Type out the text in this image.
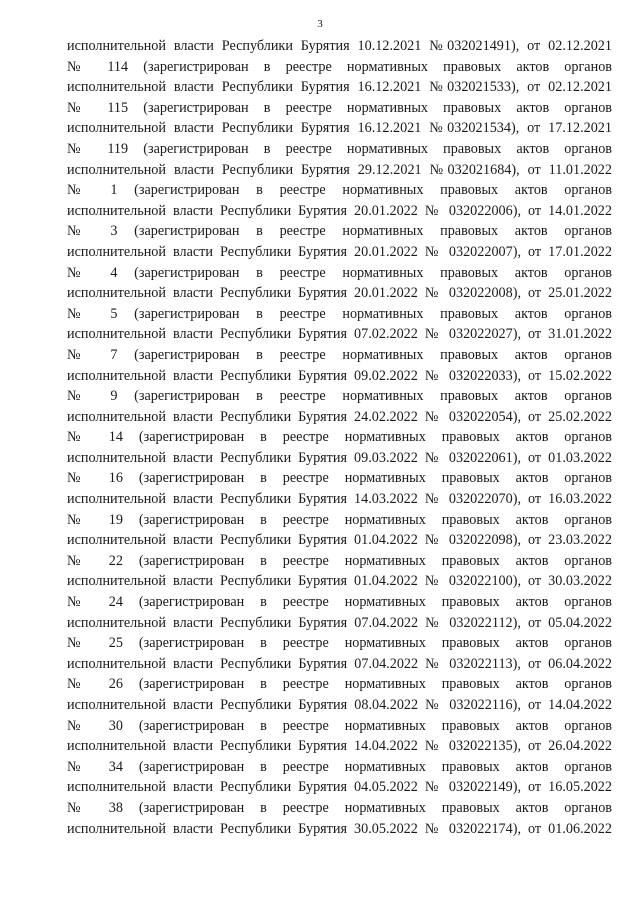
3
исполнительной власти Республики Бурятия 10.12.2021 №032021491), от 02.12.2021
№ 114 (зарегистрирован в реестре нормативных правовых актов органов
исполнительной власти Республики Бурятия 16.12.2021 №032021533), от 02.12.2021
№ 115 (зарегистрирован в реестре нормативных правовых актов органов
исполнительной власти Республики Бурятия 16.12.2021 №032021534), от 17.12.2021
№ 119 (зарегистрирован в реестре нормативных правовых актов органов
исполнительной власти Республики Бурятия 29.12.2021 №032021684), от 11.01.2022
№ 1 (зарегистрирован в реестре нормативных правовых актов органов
исполнительной власти Республики Бурятия 20.01.2022 № 032022006), от 14.01.2022
№ 3 (зарегистрирован в реестре нормативных правовых актов органов
исполнительной власти Республики Бурятия 20.01.2022 № 032022007), от 17.01.2022
№ 4 (зарегистрирован в реестре нормативных правовых актов органов
исполнительной власти Республики Бурятия 20.01.2022 № 032022008), от 25.01.2022
№ 5 (зарегистрирован в реестре нормативных правовых актов органов
исполнительной власти Республики Бурятия 07.02.2022 № 032022027), от 31.01.2022
№ 7 (зарегистрирован в реестре нормативных правовых актов органов
исполнительной власти Республики Бурятия 09.02.2022 № 032022033), от 15.02.2022
№ 9 (зарегистрирован в реестре нормативных правовых актов органов
исполнительной власти Республики Бурятия 24.02.2022 № 032022054), от 25.02.2022
№ 14 (зарегистрирован в реестре нормативных правовых актов органов
исполнительной власти Республики Бурятия 09.03.2022 № 032022061), от 01.03.2022
№ 16 (зарегистрирован в реестре нормативных правовых актов органов
исполнительной власти Республики Бурятия 14.03.2022 № 032022070), от 16.03.2022
№ 19 (зарегистрирован в реестре нормативных правовых актов органов
исполнительной власти Республики Бурятия 01.04.2022 № 032022098), от 23.03.2022
№ 22 (зарегистрирован в реестре нормативных правовых актов органов
исполнительной власти Республики Бурятия 01.04.2022 № 032022100), от 30.03.2022
№ 24 (зарегистрирован в реестре нормативных правовых актов органов
исполнительной власти Республики Бурятия 07.04.2022 № 032022112), от 05.04.2022
№ 25 (зарегистрирован в реестре нормативных правовых актов органов
исполнительной власти Республики Бурятия 07.04.2022 № 032022113), от 06.04.2022
№ 26 (зарегистрирован в реестре нормативных правовых актов органов
исполнительной власти Республики Бурятия 08.04.2022 № 032022116), от 14.04.2022
№ 30 (зарегистрирован в реестре нормативных правовых актов органов
исполнительной власти Республики Бурятия 14.04.2022 № 032022135), от 26.04.2022
№ 34 (зарегистрирован в реестре нормативных правовых актов органов
исполнительной власти Республики Бурятия 04.05.2022 № 032022149), от 16.05.2022
№ 38 (зарегистрирован в реестре нормативных правовых актов органов
исполнительной власти Республики Бурятия 30.05.2022 № 032022174), от 01.06.2022
